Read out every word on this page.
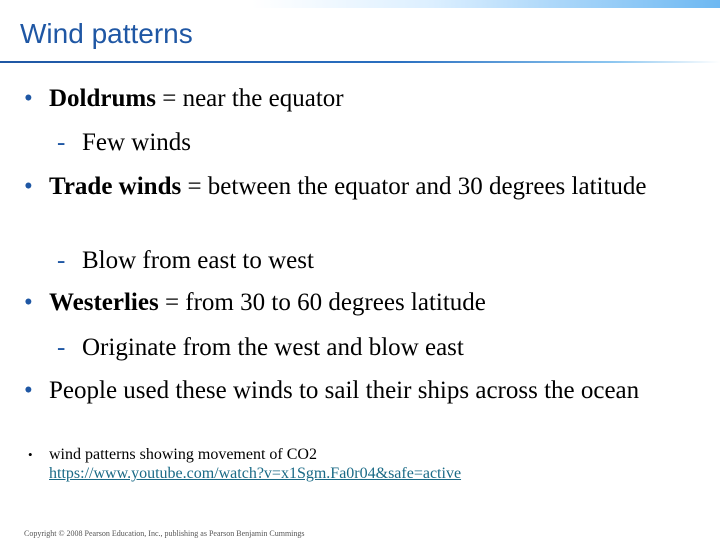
Wind patterns
• Doldrums = near the equator
- Few winds
• Trade winds = between the equator and 30 degrees latitude
- Blow from east to west
• Westerlies = from 30 to 60 degrees latitude
- Originate from the west and blow east
• People used these winds to sail their ships across the ocean
• wind patterns showing movement of CO2
https://www.youtube.com/watch?v=x1Sgm.Fa0r04&safe=active
Copyright © 2008 Pearson Education, Inc., publishing as Pearson Benjamin Cummings
